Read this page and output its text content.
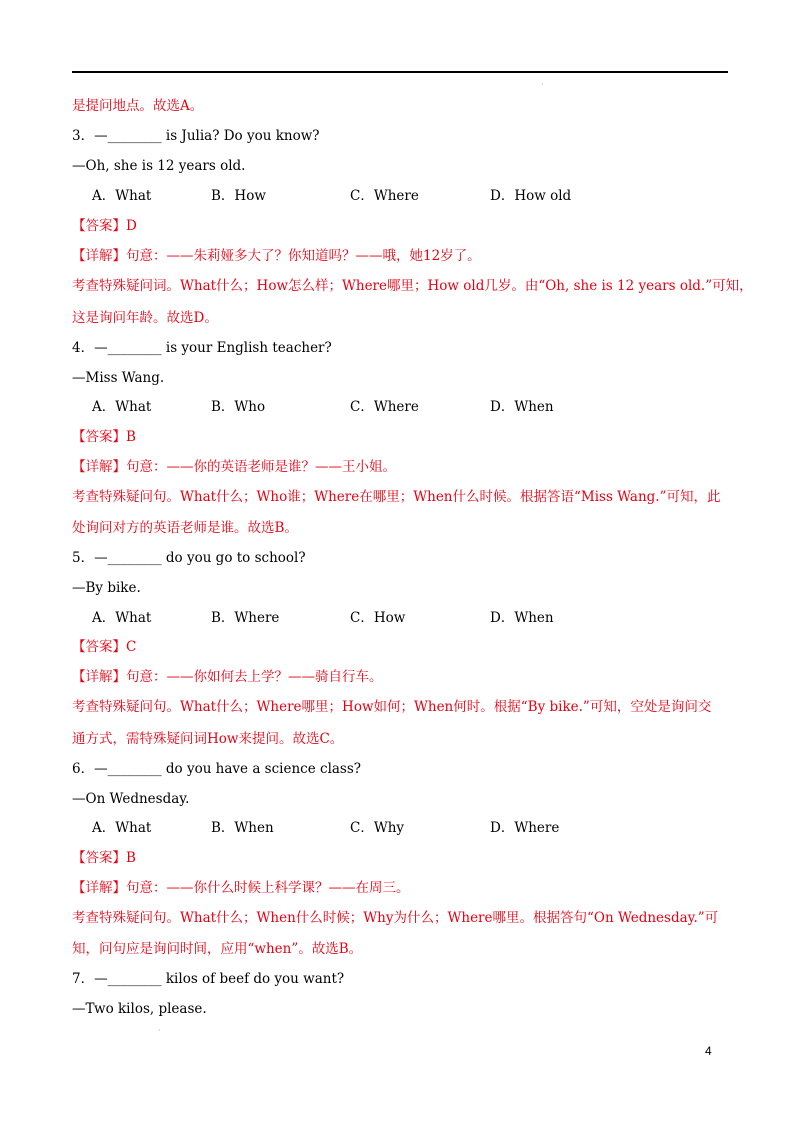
·
是提问地点。故选A。
3．—________ is Julia? Do you know?
—Oh, she is 12 years old.
A．What	B．How	C．Where	D．How old
【答案】D
【详解】句意：——朱莉娅多大了？你知道吗？——哦，她12岁了。
考查特殊疑问词。What什么；How怎么样；Where哪里；How old几岁。由“Oh, she is 12 years old.”可知，
这是询问年龄。故选D。
4．—________ is your English teacher?
—Miss Wang.
A．What	B．Who	C．Where	D．When
【答案】B
【详解】句意：——你的英语老师是谁？——王小姐。
考查特殊疑问句。What什么；Who谁；Where在哪里；When什么时候。根据答语“Miss Wang.”可知，此
处询问对方的英语老师是谁。故选B。
5．—________ do you go to school?
—By bike.
A．What	B．Where	C．How	D．When
【答案】C
【详解】句意：——你如何去上学？——骑自行车。
考查特殊疑问句。What什么；Where哪里；How如何；When何时。根据“By bike.”可知，空处是询问交
通方式，需特殊疑问词How来提问。故选C。
6．—________ do you have a science class?
—On Wednesday.
A．What	B．When	C．Why	D．Where
【答案】B
【详解】句意：——你什么时候上科学课？——在周三。
考查特殊疑问句。What什么；When什么时候；Why为什么；Where哪里。根据答句“On Wednesday.”可
知，问句应是询问时间，应用“when”。故选B。
7．—________ kilos of beef do you want?
—Two kilos, please.
·
4
